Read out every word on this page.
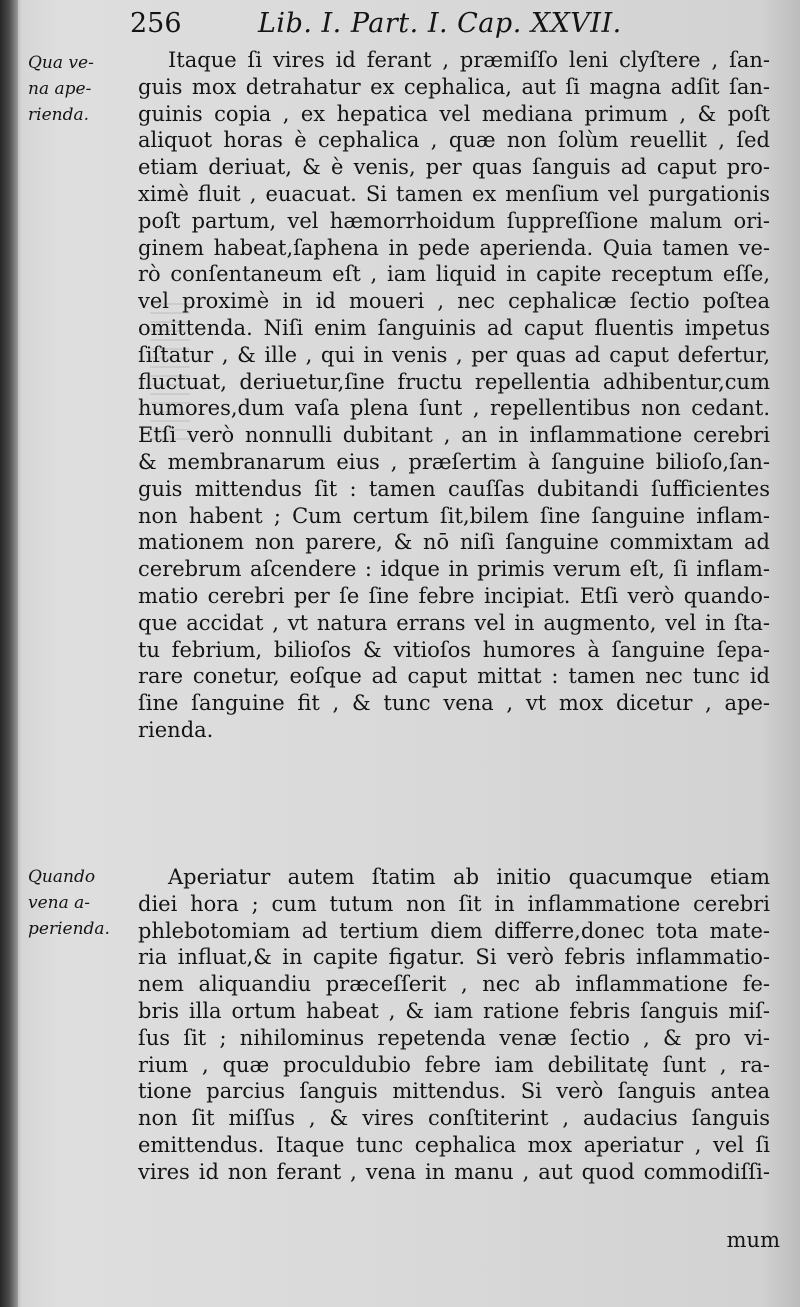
256	Lib. I. Part. I. Cap. XXVII.
Qua ve-
na ape-
rienda.
Quando
vena a-
perienda.
Itaque ſi vires id ferant , præmiſſo leni clyſtere , ſan-
guis mox detrahatur ex cephalica, aut ſi magna adſit ſan-
guinis copia , ex hepatica vel mediana primum , & poſt
aliquot horas è cephalica , quæ non ſolùm reuellit , ſed
etiam deriuat, & è venis, per quas ſanguis ad caput pro-
ximè fluit , euacuat. Si tamen ex menſium vel purgationis
poſt partum, vel hæmorrhoidum ſuppreſſione malum ori-
ginem habeat,ſaphena in pede aperienda. Quia tamen ve-
rò conſentaneum eſt , iam liquid in capite receptum eſſe,
vel proximè in id moueri , nec cephalicæ ſectio poſtea
omittenda. Niſi enim ſanguinis ad caput fluentis impetus
ſiſtatur , & ille , qui in venis , per quas ad caput defertur,
fluctuat, deriuetur,ſine fructu repellentia adhibentur,cum
humores,dum vaſa plena ſunt , repellentibus non cedant.
Etſi verò nonnulli dubitant , an in inflammatione cerebri
& membranarum eius , præſertim à ſanguine bilioſo,ſan-
guis mittendus ſit : tamen cauſſas dubitandi ſufficientes
non habent ; Cum certum ſit,bilem ſine ſanguine inflam-
mationem non parere, & nō niſi ſanguine commixtam ad
cerebrum aſcendere : idque in primis verum eſt, ſi inflam-
matio cerebri per ſe ſine febre incipiat. Etſi verò quando-
que accidat , vt natura errans vel in augmento, vel in ſta-
tu febrium, bilioſos & vitioſos humores à ſanguine ſepa-
rare conetur, eoſque ad caput mittat : tamen nec tunc id
ſine ſanguine fit , & tunc vena , vt mox dicetur , ape-
rienda.
Aperiatur autem ſtatim ab initio quacumque etiam
diei hora ; cum tutum non ſit in inflammatione cerebri
phlebotomiam ad tertium diem differre,donec tota mate-
ria influat,& in capite figatur. Si verò febris inflammatio-
nem aliquandiu præceſſerit , nec ab inflammatione fe-
bris illa ortum habeat , & iam ratione febris ſanguis miſ-
ſus ſit ; nihilominus repetenda venæ ſectio , & pro vi-
rium , quæ proculdubio febre iam debilitatę ſunt , ra-
tione parcius ſanguis mittendus. Si verò ſanguis antea
non ſit miſſus , & vires conſtiterint , audacius ſanguis
emittendus. Itaque tunc cephalica mox aperiatur , vel ſi
vires id non ferant , vena in manu , aut quod commodiſſi-
mum
